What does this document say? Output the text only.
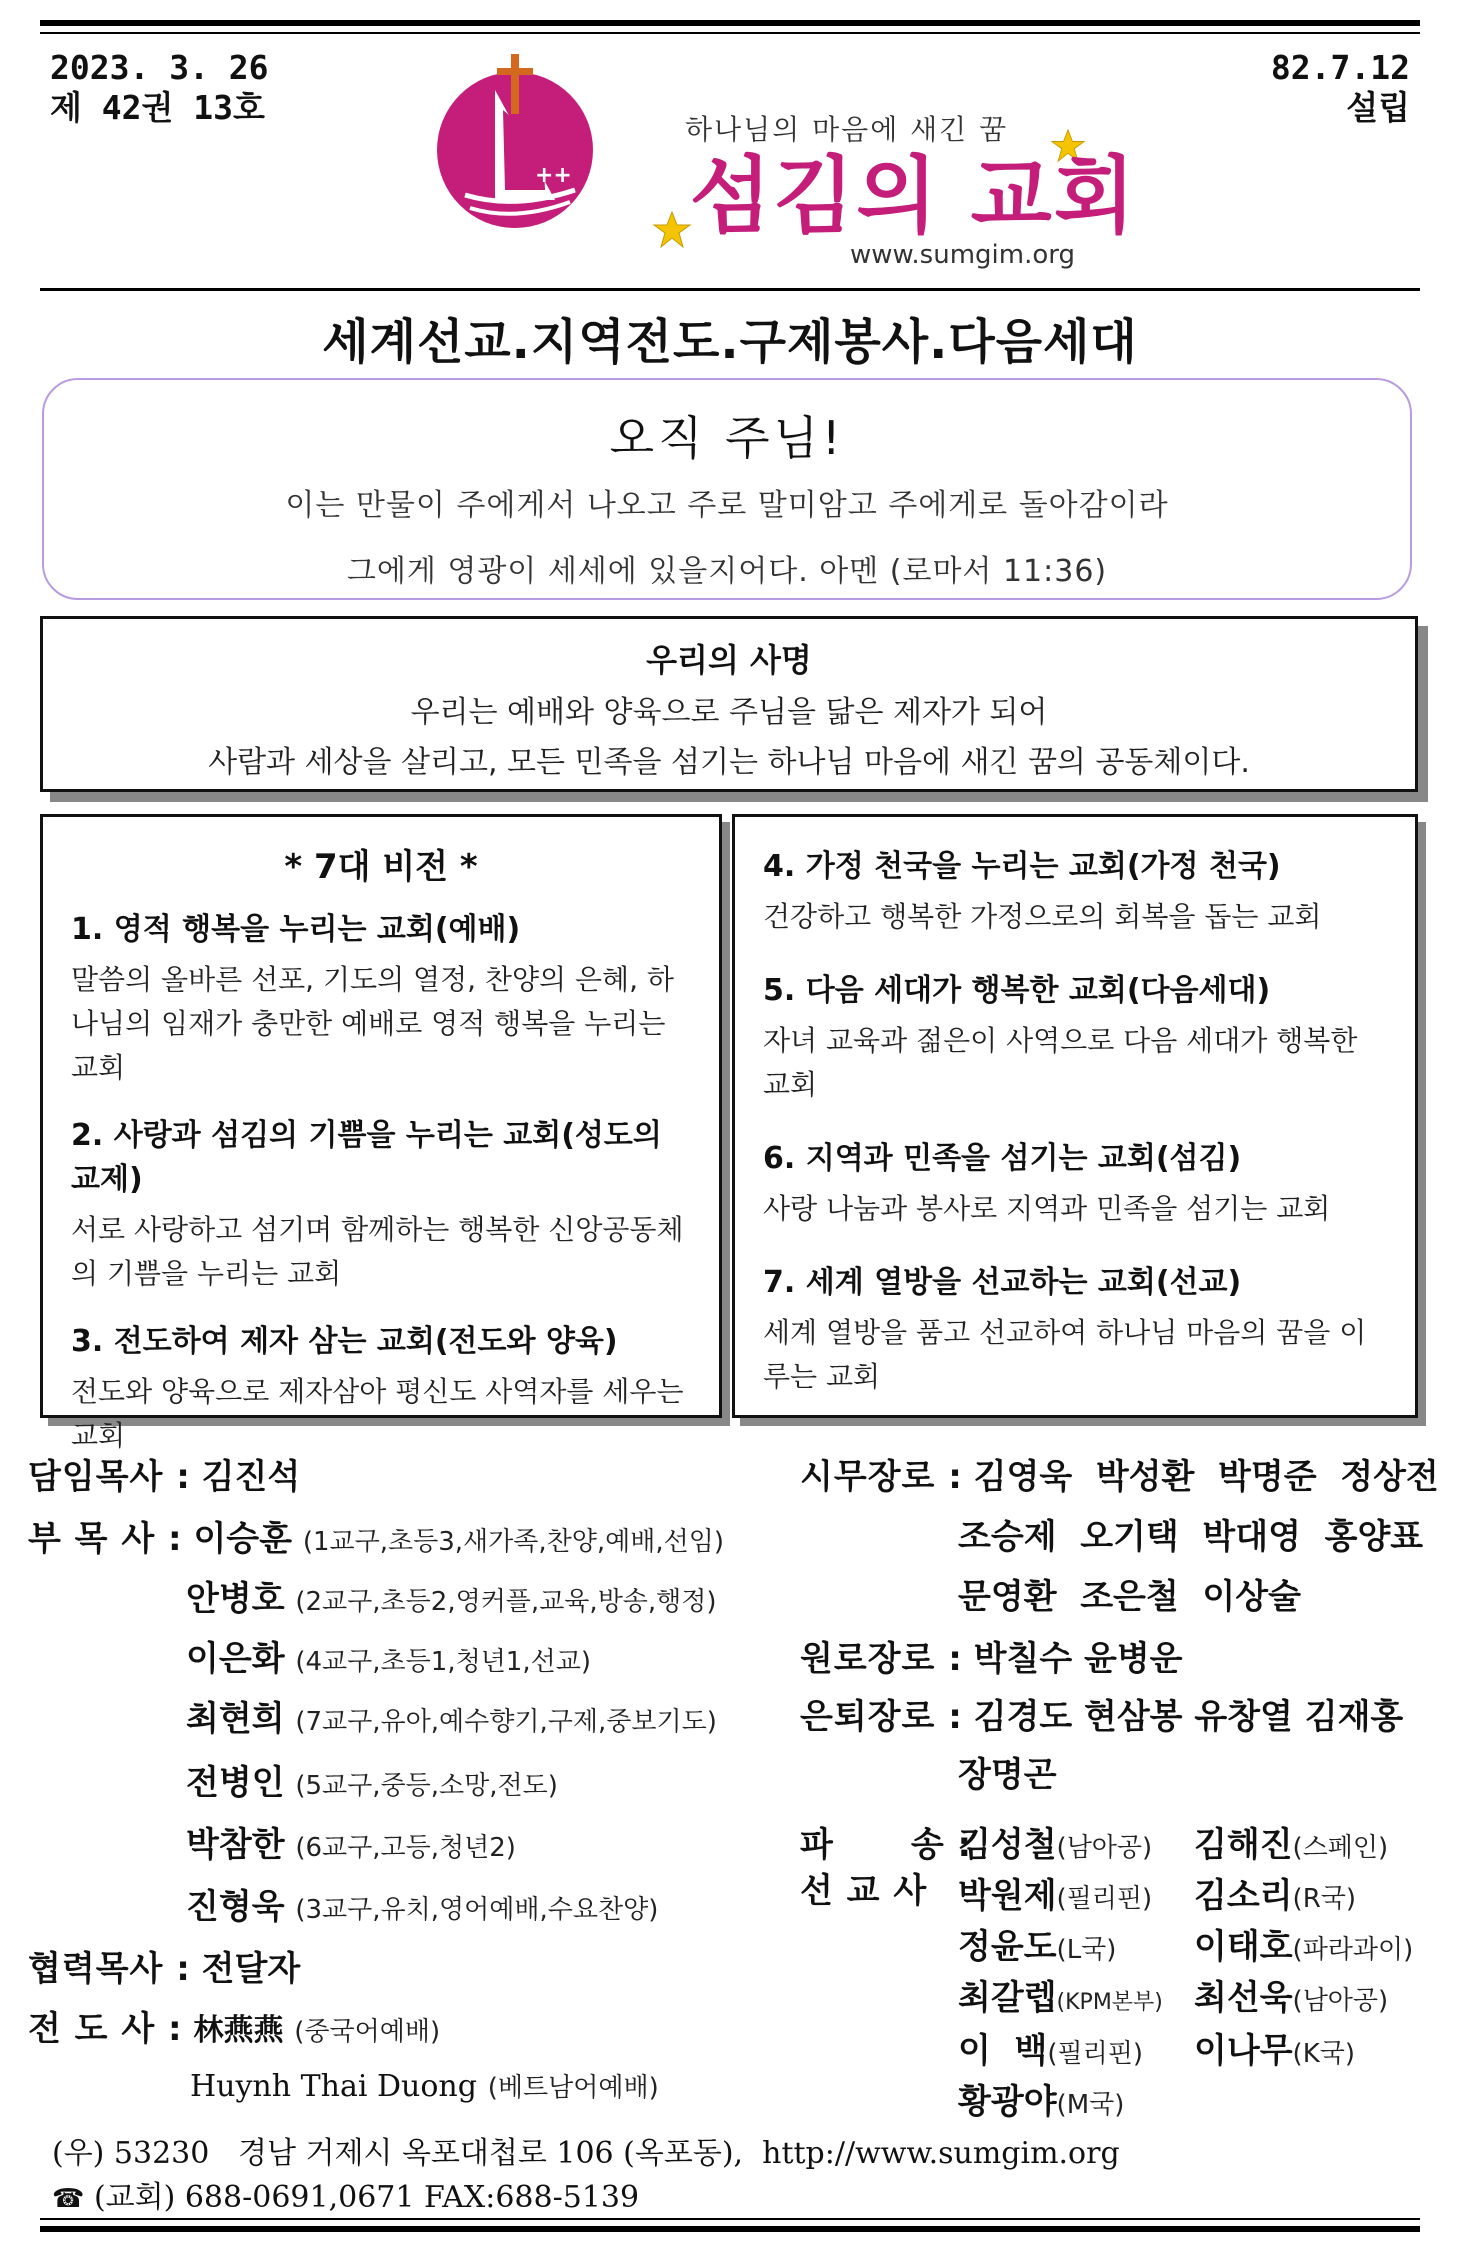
2023. 3. 26
제 42권 13호
82.7.12
설립
++
하나님의 마음에 새긴 꿈
섬김의 교회
www.sumgim.org
세계선교.지역전도.구제봉사.다음세대
오직 주님!
이는 만물이 주에게서 나오고 주로 말미암고 주에게로 돌아감이라
그에게 영광이 세세에 있을지어다. 아멘 (로마서 11:36)
우리의 사명
우리는 예배와 양육으로 주님을 닮은 제자가 되어
사람과 세상을 살리고, 모든 민족을 섬기는 하나님 마음에 새긴 꿈의 공동체이다.
* 7대 비전 *
1. 영적 행복을 누리는 교회(예배)
말씀의 올바른 선포, 기도의 열정, 찬양의 은혜, 하나님의 임재가 충만한 예배로 영적 행복을 누리는 교회
2. 사랑과 섬김의 기쁨을 누리는 교회(성도의 교제)
서로 사랑하고 섬기며 함께하는 행복한 신앙공동체의 기쁨을 누리는 교회
3. 전도하여 제자 삼는 교회(전도와 양육)
전도와 양육으로 제자삼아 평신도 사역자를 세우는 교회
4. 가정 천국을 누리는 교회(가정 천국)
건강하고 행복한 가정으로의 회복을 돕는 교회
5. 다음 세대가 행복한 교회(다음세대)
자녀 교육과 젊은이 사역으로 다음 세대가 행복한 교회
6. 지역과 민족을 섬기는 교회(섬김)
사랑 나눔과 봉사로 지역과 민족을 섬기는 교회
7. 세계 열방을 선교하는 교회(선교)
세계 열방을 품고 선교하여 하나님 마음의 꿈을 이루는 교회
담임목사 : 김진석
부 목 사 : 이승훈 (1교구,초등3,새가족,찬양,예배,선임)
안병호 (2교구,초등2,영커플,교육,방송,행정)
이은화 (4교구,초등1,청년1,선교)
최현희 (7교구,유아,예수향기,구제,중보기도)
전병인 (5교구,중등,소망,전도)
박참한 (6교구,고등,청년2)
진형욱 (3교구,유치,영어예배,수요찬양)
협력목사 : 전달자
전 도 사 : 林燕燕 (중국어예배)
Huynh Thai Duong (베트남어예배)
시무장로 : 김영욱  박성환  박명준  정상전
조승제  오기택  박대영  홍양표
문영환  조은철  이상술
원로장로 : 박칠수 윤병운
은퇴장로 : 김경도 현삼봉 유창열 김재홍
장명곤
파      송 :
선 교 사
김성철(남아공)	김해진(스페인)
박원제(필리핀)	김소리(R국)
정윤도(L국)	이태호(파라과이)
최갈렙(KPM본부) 최선욱(남아공)
이  백(필리핀)	이나무(K국)
황광야(M국)
(우) 53230   경남 거제시 옥포대첩로 106 (옥포동),  http://www.sumgim.org
☎ (교회) 688-0691,0671 FAX:688-5139
